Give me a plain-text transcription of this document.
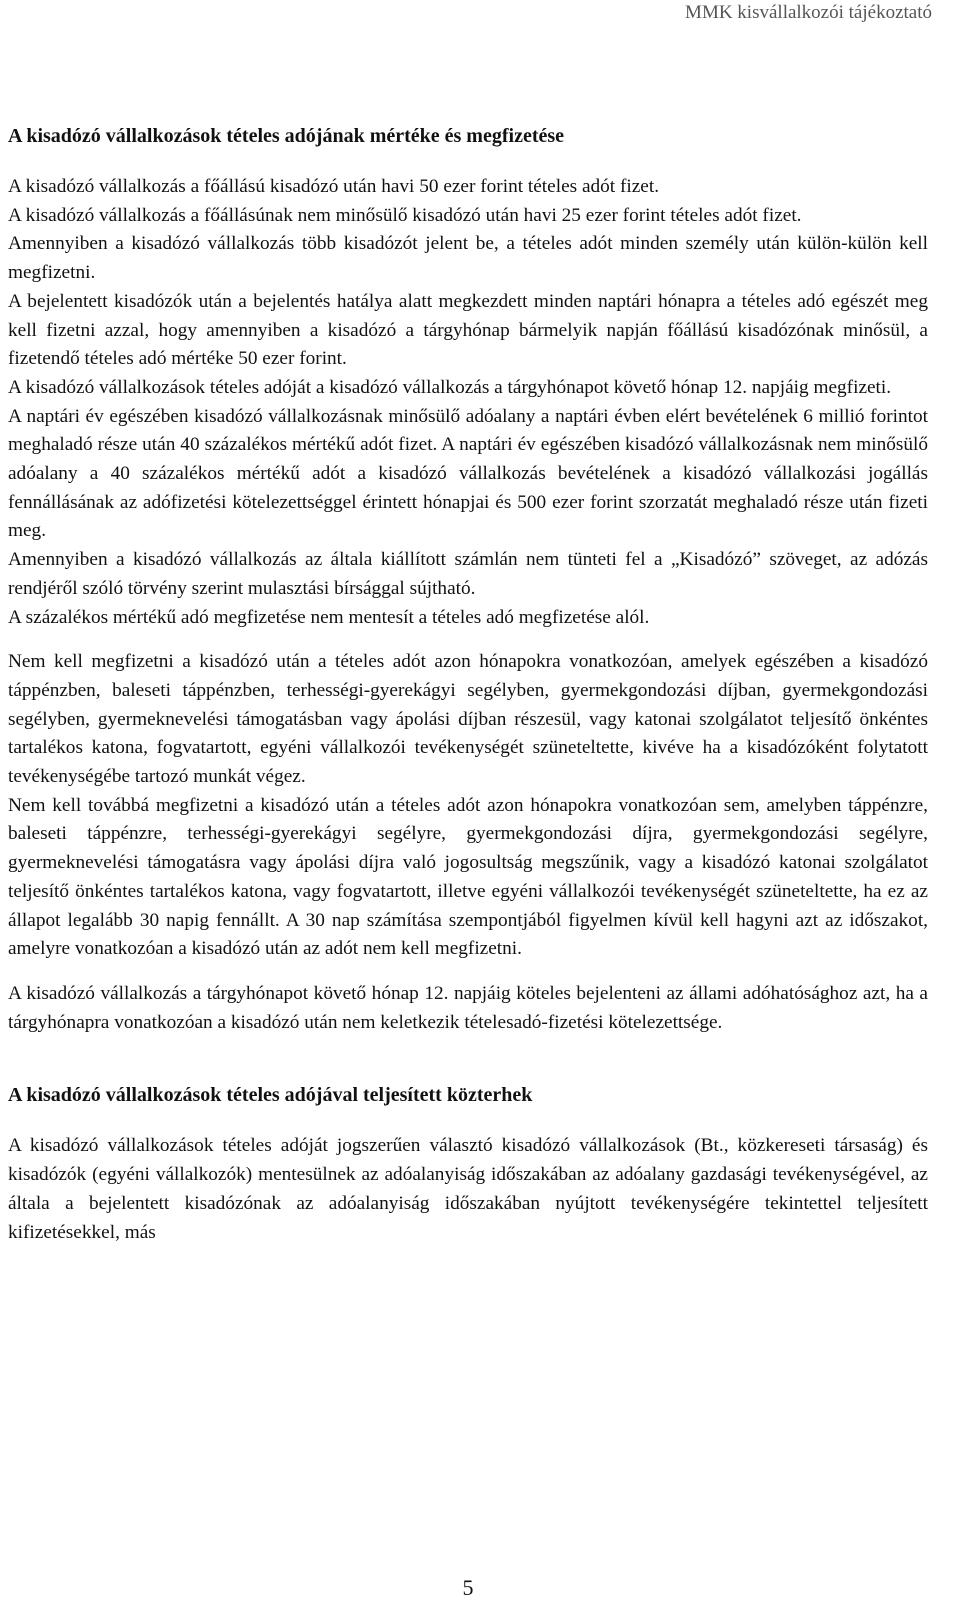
MMK kisvállalkozói tájékoztató

A kisadózó vállalkozások tételes adójának mértéke és megfizetése

A kisadózó vállalkozás a főállású kisadózó után havi 50 ezer forint tételes adót fizet.

A kisadózó vállalkozás a főállásúnak nem minősülő kisadózó után havi 25 ezer forint tételes adót fizet.

Amennyiben a kisadózó vállalkozás több kisadózót jelent be, a tételes adót minden személy után külön-külön kell megfizetni.

A bejelentett kisadózók után a bejelentés hatálya alatt megkezdett minden naptári hónapra a tételes adó egészét meg kell fizetni azzal, hogy amennyiben a kisadózó a tárgyhónap bármelyik napján főállású kisadózónak minősül, a fizetendő tételes adó mértéke 50 ezer forint.

A kisadózó vállalkozások tételes adóját a kisadózó vállalkozás a tárgyhónapot követő hónap 12. napjáig megfizeti.

A naptári év egészében kisadózó vállalkozásnak minősülő adóalany a naptári évben elért bevételének 6 millió forintot meghaladó része után 40 százalékos mértékű adót fizet. A naptári év egészében kisadózó vállalkozásnak nem minősülő adóalany a 40 százalékos mértékű adót a kisadózó vállalkozás bevételének a kisadózó vállalkozási jogállás fennállásának az adófizetési kötelezettséggel érintett hónapjai és 500 ezer forint szorzatát meghaladó része után fizeti meg.

Amennyiben a kisadózó vállalkozás az általa kiállított számlán nem tünteti fel a „Kisadózó” szöveget, az adózás rendjéről szóló törvény szerint mulasztási bírsággal sújtható.

A százalékos mértékű adó megfizetése nem mentesít a tételes adó megfizetése alól.

Nem kell megfizetni a kisadózó után a tételes adót azon hónapokra vonatkozóan, amelyek egészében a kisadózó táppénzben, baleseti táppénzben, terhességi-gyerekágyi segélyben, gyermekgondozási díjban, gyermekgondozási segélyben, gyermeknevelési támogatásban vagy ápolási díjban részesül, vagy katonai szolgálatot teljesítő önkéntes tartalékos katona, fogvatartott, egyéni vállalkozói tevékenységét szüneteltette, kivéve ha a kisadózóként folytatott tevékenységébe tartozó munkát végez.

Nem kell továbbá megfizetni a kisadózó után a tételes adót azon hónapokra vonatkozóan sem, amelyben táppénzre, baleseti táppénzre, terhességi-gyerekágyi segélyre, gyermekgondozási díjra, gyermekgondozási segélyre, gyermeknevelési támogatásra vagy ápolási díjra való jogosultság megszűnik, vagy a kisadózó katonai szolgálatot teljesítő önkéntes tartalékos katona, vagy fogvatartott, illetve egyéni vállalkozói tevékenységét szüneteltette, ha ez az állapot legalább 30 napig fennállt. A 30 nap számítása szempontjából figyelmen kívül kell hagyni azt az időszakot, amelyre vonatkozóan a kisadózó után az adót nem kell megfizetni.

A kisadózó vállalkozás a tárgyhónapot követő hónap 12. napjáig köteles bejelenteni az állami adóhatósághoz azt, ha a tárgyhónapra vonatkozóan a kisadózó után nem keletkezik tételesadó-fizetési kötelezettsége.

A kisadózó vállalkozások tételes adójával teljesített közterhek

A kisadózó vállalkozások tételes adóját jogszerűen választó kisadózó vállalkozások (Bt., közkereseti társaság) és kisadózók (egyéni vállalkozók) mentesülnek az adóalanyiság időszakában az adóalany gazdasági tevékenységével, az általa a bejelentett kisadózónak az adóalanyiság időszakában nyújtott tevékenységére tekintettel teljesített kifizetésekkel, más

5
